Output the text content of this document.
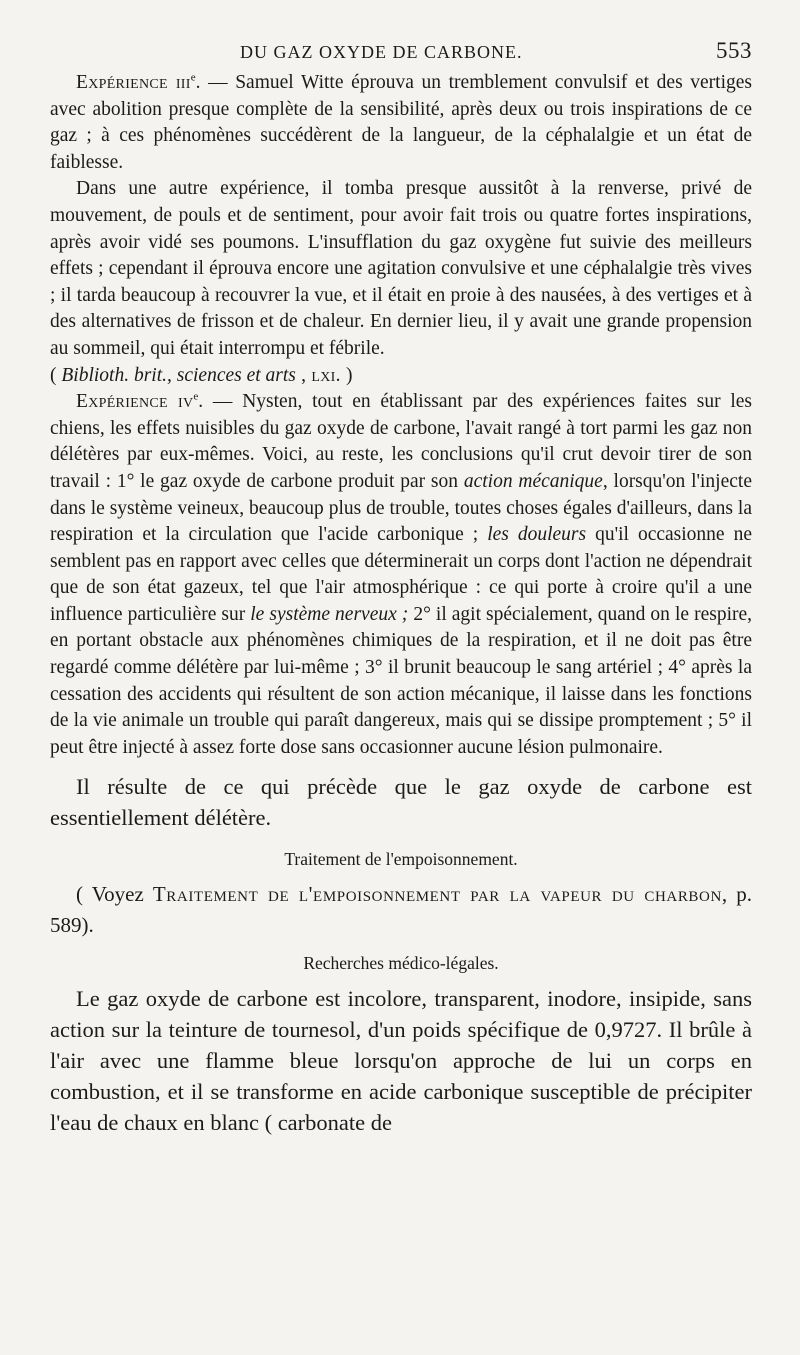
DU GAZ OXYDE DE CARBONE.	553

Expérience iii$^e$. — Samuel Witte éprouva un tremblement convulsif et des vertiges avec abolition presque complète de la sensibilité, après deux ou trois inspirations de ce gaz ; à ces phénomènes succédèrent de la langueur, de la céphalalgie et un état de faiblesse.

Dans une autre expérience, il tomba presque aussitôt à la renverse, privé de mouvement, de pouls et de sentiment, pour avoir fait trois ou quatre fortes inspirations, après avoir vidé ses poumons. L'insufflation du gaz oxygène fut suivie des meilleurs effets ; cependant il éprouva encore une agitation convulsive et une céphalalgie très vives ; il tarda beaucoup à recouvrer la vue, et il était en proie à des nausées, à des vertiges et à des alternatives de frisson et de chaleur. En dernier lieu, il y avait une grande propension au sommeil, qui était interrompu et fébrile.
( Biblioth. brit., sciences et arts , lxi. )

Expérience $iv^e$. — Nysten, tout en établissant par des expériences faites sur les chiens, les effets nuisibles du gaz oxyde de carbone, l'avait rangé à tort parmi les gaz non délétères par eux-mêmes. Voici, au reste, les conclusions qu'il crut devoir tirer de son travail : 1° le gaz oxyde de carbone produit par son action mécanique, lorsqu'on l'injecte dans le système veineux, beaucoup plus de trouble, toutes choses égales d'ailleurs, dans la respiration et la circulation que l'acide carbonique ; les douleurs qu'il occasionne ne semblent pas en rapport avec celles que déterminerait un corps dont l'action ne dépendrait que de son état gazeux, tel que l'air atmosphérique : ce qui porte à croire qu'il a une influence particulière sur le système nerveux ; 2° il agit spécialement, quand on le respire, en portant obstacle aux phénomènes chimiques de la respiration, et il ne doit pas être regardé comme délétère par lui-même ; 3° il brunit beaucoup le sang artériel ; 4° après la cessation des accidents qui résultent de son action mécanique, il laisse dans les fonctions de la vie animale un trouble qui paraît dangereux, mais qui se dissipe promptement ; 5° il peut être injecté à assez forte dose sans occasionner aucune lésion pulmonaire.

Il résulte de ce qui précède que le gaz oxyde de carbone est essentiellement délétère.

Traitement de l'empoisonnement.

( Voyez Traitement de l'empoisonnement par la vapeur du charbon, p. 589).

Recherches médico-légales.

Le gaz oxyde de carbone est incolore, transparent, inodore, insipide, sans action sur la teinture de tournesol, d'un poids spécifique de 0,9727. Il brûle à l'air avec une flamme bleue lorsqu'on approche de lui un corps en combustion, et il se transforme en acide carbonique susceptible de précipiter l'eau de chaux en blanc ( carbonate de
